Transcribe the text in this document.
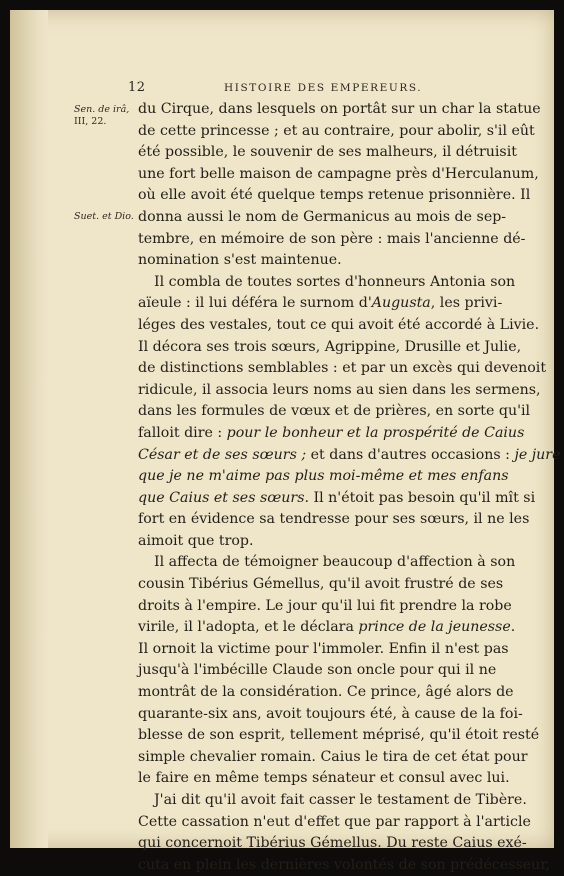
12	HISTOIRE DES EMPEREURS.
Sen. de irâ,
III, 22.
Suet. et Dio.
du Cirque, dans lesquels on portât sur un char la statue
de cette princesse ; et au contraire, pour abolir, s'il eût
été possible, le souvenir de ses malheurs, il détruisit
une fort belle maison de campagne près d'Herculanum,
où elle avoit été quelque temps retenue prisonnière. Il
donna aussi le nom de Germanicus au mois de sep-
tembre, en mémoire de son père : mais l'ancienne dé-
nomination s'est maintenue.
Il combla de toutes sortes d'honneurs Antonia son
aïeule : il lui déféra le surnom d'Augusta, les privi-
léges des vestales, tout ce qui avoit été accordé à Livie.
Il décora ses trois sœurs, Agrippine, Drusille et Julie,
de distinctions semblables : et par un excès qui devenoit
ridicule, il associa leurs noms au sien dans les sermens,
dans les formules de vœux et de prières, en sorte qu'il
falloit dire : pour le bonheur et la prospérité de Caius
César et de ses sœurs ; et dans d'autres occasions : je jure
que je ne m'aime pas plus moi-même et mes enfans
que Caius et ses sœurs. Il n'étoit pas besoin qu'il mît si
fort en évidence sa tendresse pour ses sœurs, il ne les
aimoit que trop.
Il affecta de témoigner beaucoup d'affection à son
cousin Tibérius Gémellus, qu'il avoit frustré de ses
droits à l'empire. Le jour qu'il lui fit prendre la robe
virile, il l'adopta, et le déclara prince de la jeunesse.
Il ornoit la victime pour l'immoler. Enfin il n'est pas
jusqu'à l'imbécille Claude son oncle pour qui il ne
montrât de la considération. Ce prince, âgé alors de
quarante-six ans, avoit toujours été, à cause de la foi-
blesse de son esprit, tellement méprisé, qu'il étoit resté
simple chevalier romain. Caius le tira de cet état pour
le faire en même temps sénateur et consul avec lui.
J'ai dit qu'il avoit fait casser le testament de Tibère.
Cette cassation n'eut d'effet que par rapport à l'article
qui concernoit Tibérius Gémellus. Du reste Caius exé-
cuta en plein les dernières volontés de son prédécesseur,
